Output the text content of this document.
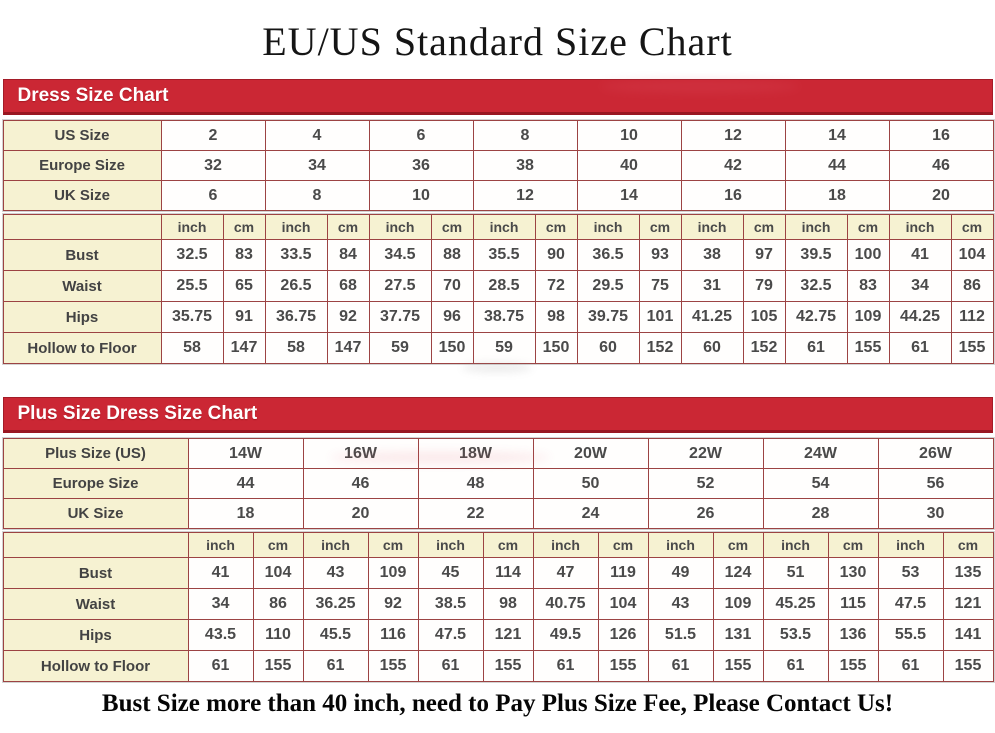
EU/US Standard Size Chart
Dress Size Chart
US Size	2	4	6	8	10	12	14	16
Europe Size	32	34	36	38	40	42	44	46
UK Size	6	8	10	12	14	16	18	20
	inch	cm	inch	cm	inch	cm	inch	cm	inch	cm	inch	cm	inch	cm	inch	cm
Bust	32.5	83	33.5	84	34.5	88	35.5	90	36.5	93	38	97	39.5	100	41	104
Waist	25.5	65	26.5	68	27.5	70	28.5	72	29.5	75	31	79	32.5	83	34	86
Hips	35.75	91	36.75	92	37.75	96	38.75	98	39.75	101	41.25	105	42.75	109	44.25	112
Hollow to Floor	58	147	58	147	59	150	59	150	60	152	60	152	61	155	61	155
Plus Size Dress Size Chart
Plus Size (US)	14W	16W	18W	20W	22W	24W	26W
Europe Size	44	46	48	50	52	54	56
UK Size	18	20	22	24	26	28	30
	inch	cm	inch	cm	inch	cm	inch	cm	inch	cm	inch	cm	inch	cm
Bust	41	104	43	109	45	114	47	119	49	124	51	130	53	135
Waist	34	86	36.25	92	38.5	98	40.75	104	43	109	45.25	115	47.5	121
Hips	43.5	110	45.5	116	47.5	121	49.5	126	51.5	131	53.5	136	55.5	141
Hollow to Floor	61	155	61	155	61	155	61	155	61	155	61	155	61	155
Bust Size more than 40 inch, need to Pay Plus Size Fee, Please Contact Us!
